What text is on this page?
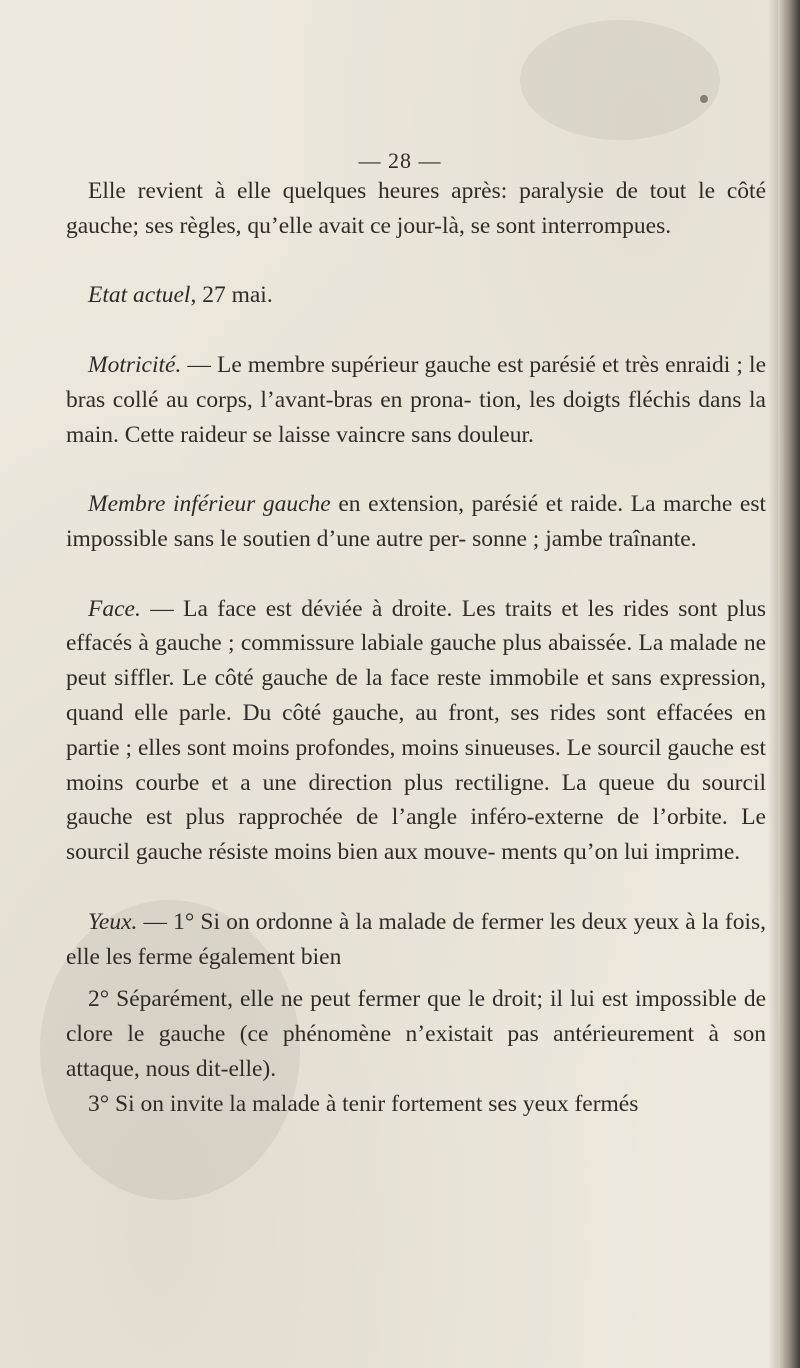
— 28 —

Elle revient à elle quelques heures après: paralysie de tout le côté gauche; ses règles, qu’elle avait ce jour-là, se sont interrompues.

Etat actuel, 27 mai.

Motricité. — Le membre supérieur gauche est parésié et très enraidi ; le bras collé au corps, l’avant-bras en prona- tion, les doigts fléchis dans la main. Cette raideur se laisse vaincre sans douleur.

Membre inférieur gauche en extension, parésié et raide. La marche est impossible sans le soutien d’une autre per- sonne ; jambe traînante.

Face. — La face est déviée à droite. Les traits et les rides sont plus effacés à gauche ; commissure labiale gauche plus abaissée. La malade ne peut siffler. Le côté gauche de la face reste immobile et sans expression, quand elle parle. Du côté gauche, au front, ses rides sont effacées en partie ; elles sont moins profondes, moins sinueuses. Le sourcil gauche est moins courbe et a une direction plus rectiligne. La queue du sourcil gauche est plus rapprochée de l’angle inféro-externe de l’orbite. Le sourcil gauche résiste moins bien aux mouve- ments qu’on lui imprime.

Yeux. — 1° Si on ordonne à la malade de fermer les deux yeux à la fois, elle les ferme également bien

2° Séparément, elle ne peut fermer que le droit; il lui est impossible de clore le gauche (ce phénomène n’existait pas antérieurement à son attaque, nous dit-elle).

3° Si on invite la malade à tenir fortement ses yeux fermés
